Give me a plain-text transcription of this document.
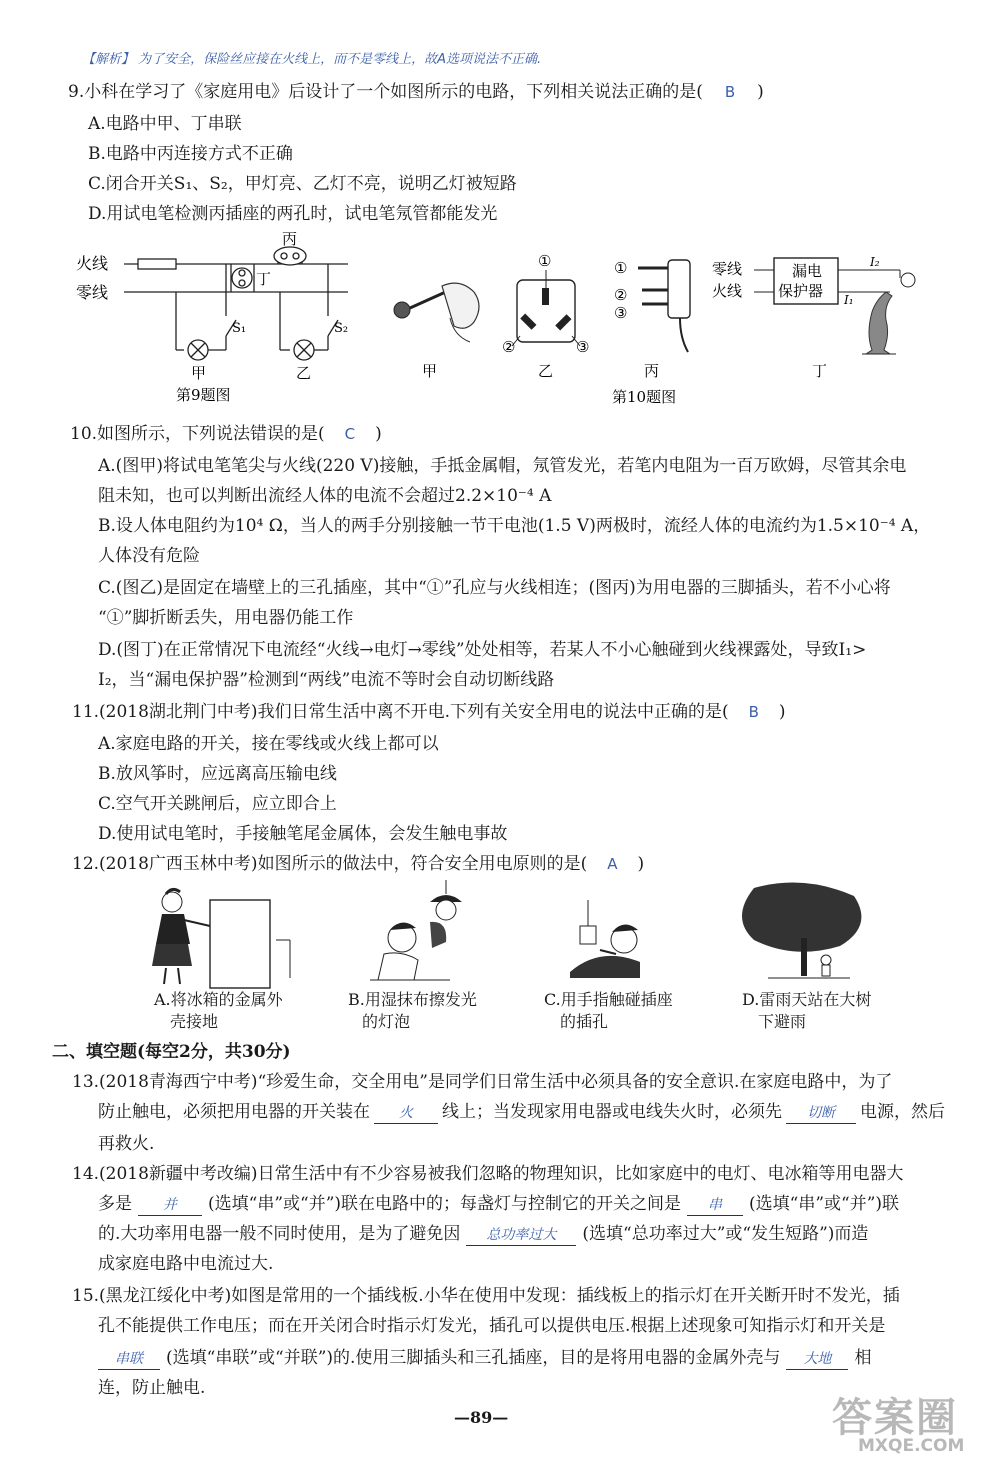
【解析】 为了安全，保险丝应接在火线上，而不是零线上，故A选项说法不正确.
9.小科在学习了《家庭用电》后设计了一个如图所示的电路，下列相关说法正确的是( B )
A.电路中甲、丁串联
B.电路中丙连接方式不正确
C.闭合开关S₁、S₂，甲灯亮、乙灯不亮，说明乙灯被短路
D.用试电笔检测丙插座的两孔时，试电笔氖管都能发光
火线
零线
丙
丁
S₁	S₂
甲	乙
第9题图
甲
①
②	③
乙
①
②
③
丙
零线
火线
漏电
保护器
I₂
I₁
丁
第10题图
10.如图所示，下列说法错误的是( C )
A.(图甲)将试电笔笔尖与火线(220 V)接触，手抵金属帽，氖管发光，若笔内电阻为一百万欧姆，尽管其余电
阻未知，也可以判断出流经人体的电流不会超过2.2×10⁻⁴ A
B.设人体电阻约为10⁴ Ω，当人的两手分别接触一节干电池(1.5 V)两极时，流经人体的电流约为1.5×10⁻⁴ A，
人体没有危险
C.(图乙)是固定在墙壁上的三孔插座，其中“①”孔应与火线相连；(图丙)为用电器的三脚插头，若不小心将
“①”脚折断丢失，用电器仍能工作
D.(图丁)在正常情况下电流经“火线→电灯→零线”处处相等，若某人不小心触碰到火线裸露处，导致I₁>
I₂，当“漏电保护器”检测到“两线”电流不等时会自动切断线路
11.(2018湖北荆门中考)我们日常生活中离不开电.下列有关安全用电的说法中正确的是( B )
A.家庭电路的开关，接在零线或火线上都可以
B.放风筝时，应远离高压输电线
C.空气开关跳闸后，应立即合上
D.使用试电笔时，手接触笔尾金属体，会发生触电事故
12.(2018广西玉林中考)如图所示的做法中，符合安全用电原则的是( A )
A.将冰箱的金属外
壳接地
B.用湿抹布擦发光
的灯泡
C.用手指触碰插座
的插孔
D.雷雨天站在大树
下避雨
二、填空题(每空2分，共30分)
13.(2018青海西宁中考)“珍爱生命，交全用电”是同学们日常生活中必须具备的安全意识.在家庭电路中，为了
防止触电，必须把用电器的开关装在 火 线上；当发现家用电器或电线失火时，必须先 切断 电源，然后
再救火.
14.(2018新疆中考改编)日常生活中有不少容易被我们忽略的物理知识，比如家庭中的电灯、电冰箱等用电器大
多是 并 (选填“串”或“并”)联在电路中的；每盏灯与控制它的开关之间是 串 (选填“串”或“并”)联
的.大功率用电器一般不同时使用，是为了避免因 总功率过大 (选填“总功率过大”或“发生短路”)而造
成家庭电路中电流过大.
15.(黑龙江绥化中考)如图是常用的一个插线板.小华在使用中发现：插线板上的指示灯在开关断开时不发光，插
孔不能提供工作电压；而在开关闭合时指示灯发光，插孔可以提供电压.根据上述现象可知指示灯和开关是
串联 (选填“串联”或“并联”)的.使用三脚插头和三孔插座，目的是将用电器的金属外壳与 大地 相
连，防止触电.
—89—	答案圈
MXQE.COM
